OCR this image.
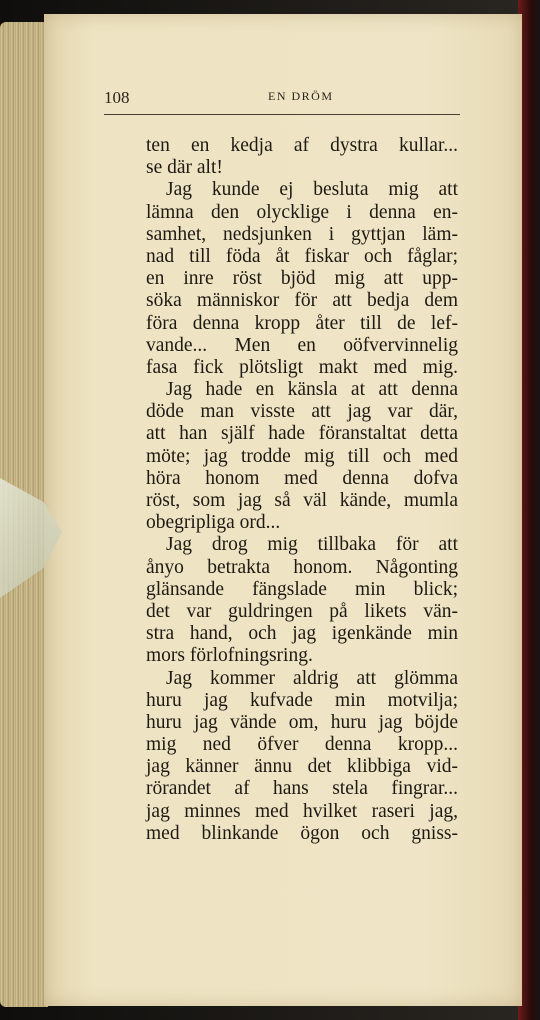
108	EN DRÖM
ten en kedja af dystra kullar...
se där alt!
Jag kunde ej besluta mig att
lämna den olycklige i denna en-
samhet, nedsjunken i gyttjan läm-
nad till föda åt fiskar och fåglar;
en inre röst bjöd mig att upp-
söka människor för att bedja dem
föra denna kropp åter till de lef-
vande... Men en oöfvervinnelig
fasa fick plötsligt makt med mig.
Jag hade en känsla at att denna
döde man visste att jag var där,
att han själf hade föranstaltat detta
möte; jag trodde mig till och med
höra honom med denna dofva
röst, som jag så väl kände, mumla
obegripliga ord...
Jag drog mig tillbaka för att
ånyo betrakta honom. Någonting
glänsande fängslade min blick;
det var guldringen på likets vän-
stra hand, och jag igenkände min
mors förlofningsring.
Jag kommer aldrig att glömma
huru jag kufvade min motvilja;
huru jag vände om, huru jag böjde
mig ned öfver denna kropp...
jag känner ännu det klibbiga vid-
rörandet af hans stela fingrar...
jag minnes med hvilket raseri jag,
med blinkande ögon och gniss-
